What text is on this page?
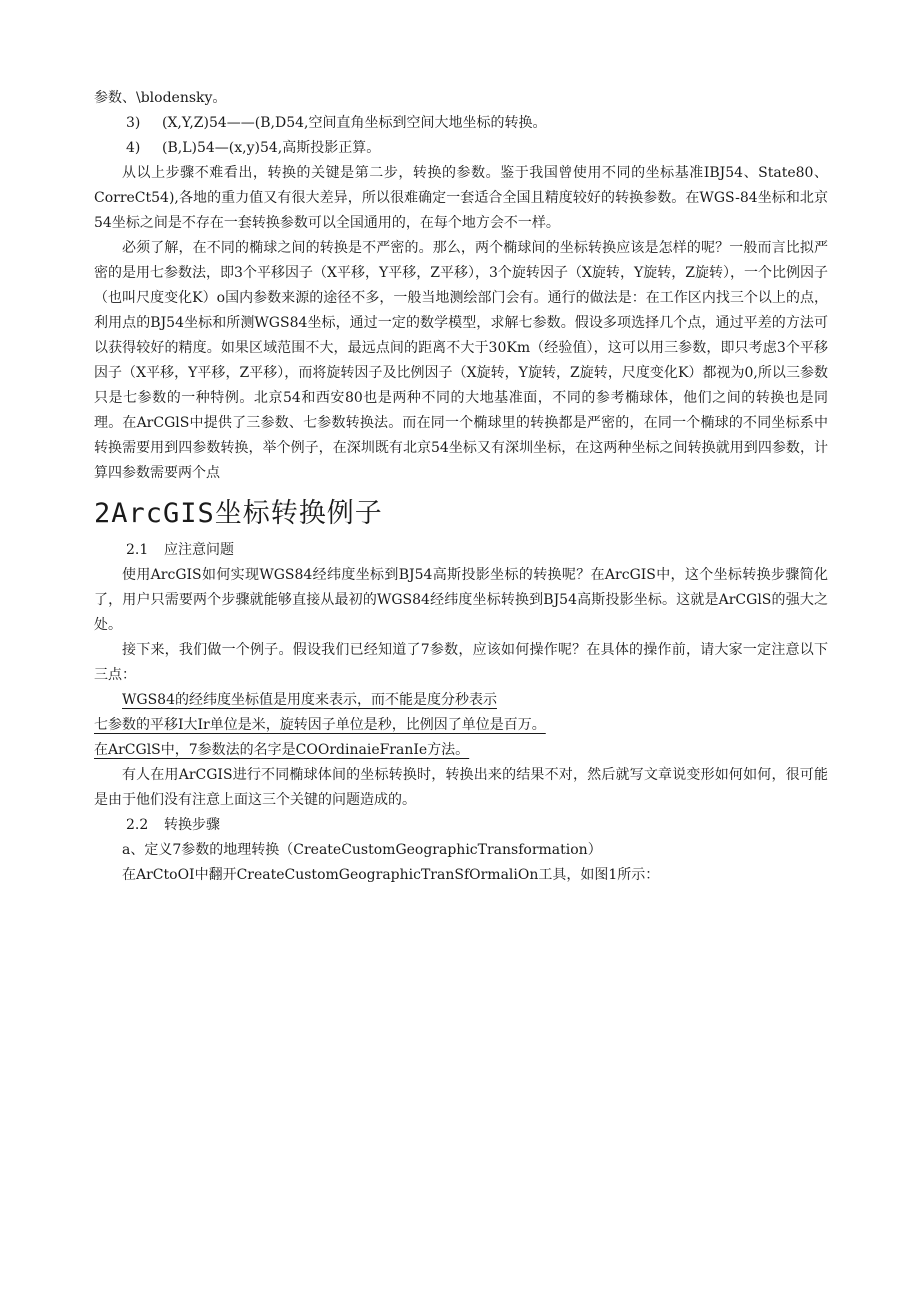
参数、\blodensky。

3) (X,Y,Z)54——(B,D54,空间直角坐标到空间大地坐标的转换。

4) (B,L)54—(x,y)54,高斯投影正算。

从以上步骤不难看出，转换的关键是第二步，转换的参数。鉴于我国曾使用不同的坐标基准IBJ54、State80、CorreCt54),各地的重力值又有很大差异，所以很难确定一套适合全国且精度较好的转换参数。在WGS-84坐标和北京54坐标之间是不存在一套转换参数可以全国通用的，在每个地方会不一样。

必须了解，在不同的椭球之间的转换是不严密的。那么，两个椭球间的坐标转换应该是怎样的呢？一般而言比拟严密的是用七参数法，即3个平移因子（X平移，Y平移，Z平移），3个旋转因子（X旋转，Y旋转，Z旋转），一个比例因子（也叫尺度变化K）o国内参数来源的途径不多，一般当地测绘部门会有。通行的做法是：在工作区内找三个以上的点，利用点的BJ54坐标和所测WGS84坐标，通过一定的数学模型，求解七参数。假设多项选择几个点，通过平差的方法可以获得较好的精度。如果区域范围不大，最远点间的距离不大于30Km（经验值），这可以用三参数，即只考虑3个平移因子（X平移，Y平移，Z平移），而将旋转因子及比例因子（X旋转，Y旋转，Z旋转，尺度变化K）都视为0,所以三参数只是七参数的一种特例。北京54和西安80也是两种不同的大地基准面，不同的参考椭球体，他们之间的转换也是同理。在ArCGlS中提供了三参数、七参数转换法。而在同一个椭球里的转换都是严密的，在同一个椭球的不同坐标系中转换需要用到四参数转换，举个例子，在深圳既有北京54坐标又有深圳坐标，在这两种坐标之间转换就用到四参数，计算四参数需要两个点

2ArcGIS坐标转换例子

2.1 应注意问题

使用ArcGIS如何实现WGS84经纬度坐标到BJ54高斯投影坐标的转换呢？在ArcGIS中，这个坐标转换步骤简化了，用户只需要两个步骤就能够直接从最初的WGS84经纬度坐标转换到BJ54高斯投影坐标。这就是ArCGlS的强大之处。

接下来，我们做一个例子。假设我们已经知道了7参数，应该如何操作呢？在具体的操作前，请大家一定注意以下三点：

WGS84的经纬度坐标值是用度来表示，而不能是度分秒表示

七参数的平移I大Ir单位是米，旋转因子单位是秒，比例因了单位是百万。

在ArCGlS中，7参数法的名字是COOrdinaieFranIe方法。

有人在用ArCGIS进行不同椭球体间的坐标转换时，转换出来的结果不对，然后就写文章说变形如何如何，很可能是由于他们没有注意上面这三个关键的问题造成的。

2.2 转换步骤

a、定义7参数的地理转换（CreateCustomGeographicTransformation）

在ArCtoOI中翻开CreateCustomGeographicTranSfOrmaliOn工具，如图1所示：
